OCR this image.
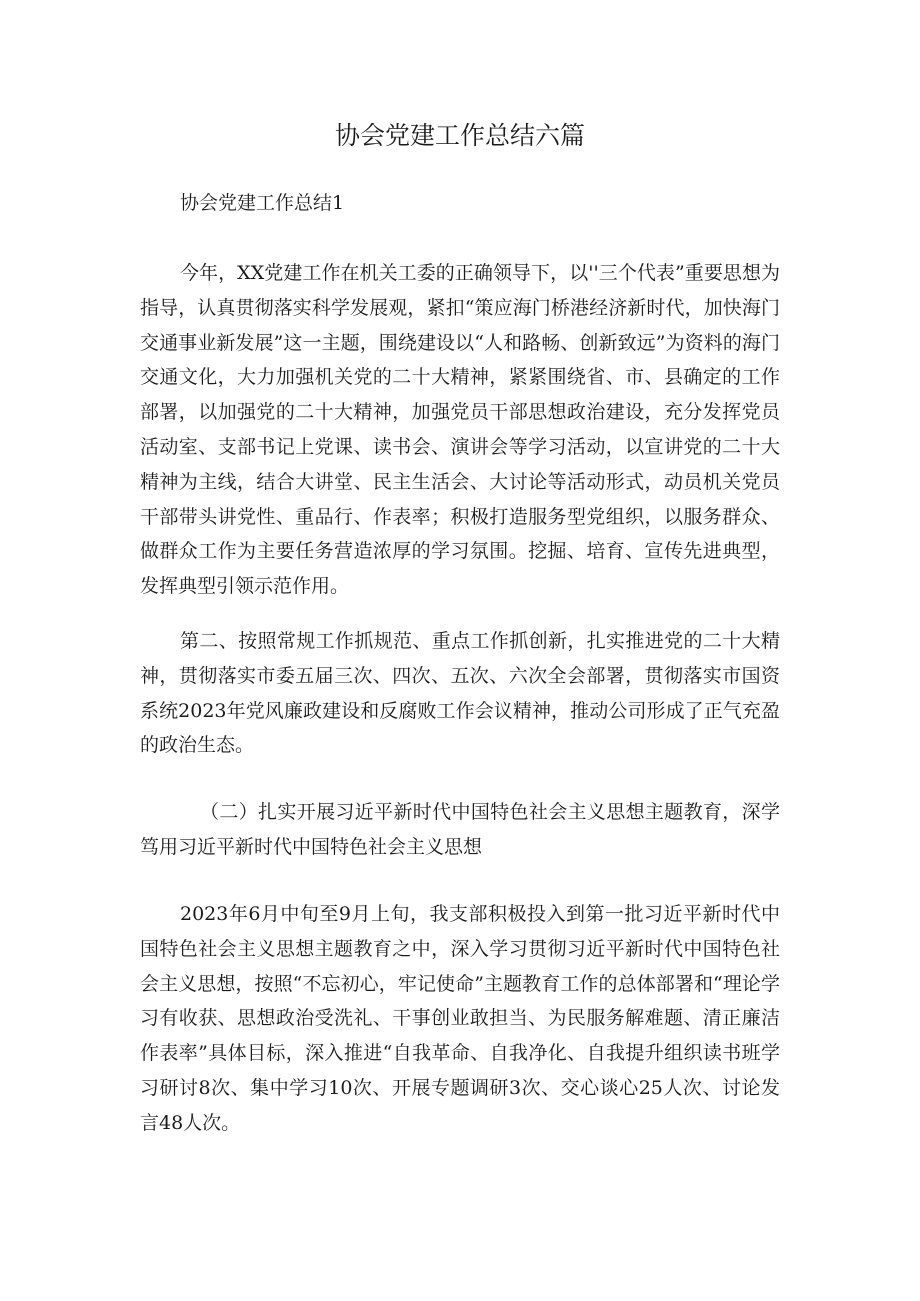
协会党建工作总结六篇

协会党建工作总结1

今年，XX党建工作在机关工委的正确领导下，以''三个代表”重要思想为指导，认真贯彻落实科学发展观，紧扣“策应海门桥港经济新时代，加快海门交通事业新发展”这一主题，围绕建设以“人和路畅、创新致远”为资料的海门交通文化，大力加强机关党的二十大精神，紧紧围绕省、市、县确定的工作部署，以加强党的二十大精神，加强党员干部思想政治建设，充分发挥党员活动室、支部书记上党课、读书会、演讲会等学习活动，以宣讲党的二十大精神为主线，结合大讲堂、民主生活会、大讨论等活动形式，动员机关党员干部带头讲党性、重品行、作表率；积极打造服务型党组织，以服务群众、做群众工作为主要任务营造浓厚的学习氛围。挖掘、培育、宣传先进典型，发挥典型引领示范作用。

第二、按照常规工作抓规范、重点工作抓创新，扎实推进党的二十大精神，贯彻落实市委五届三次、四次、五次、六次全会部署，贯彻落实市国资系统2023年党风廉政建设和反腐败工作会议精神，推动公司形成了正气充盈的政治生态。

（二）扎实开展习近平新时代中国特色社会主义思想主题教育，深学笃用习近平新时代中国特色社会主义思想

2023年6月中旬至9月上旬，我支部积极投入到第一批习近平新时代中国特色社会主义思想主题教育之中，深入学习贯彻习近平新时代中国特色社会主义思想，按照“不忘初心，牢记使命”主题教育工作的总体部署和“理论学习有收获、思想政治受洗礼、干事创业敢担当、为民服务解难题、清正廉洁作表率”具体目标，深入推进“自我革命、自我净化、自我提升组织读书班学习研讨8次、集中学习10次、开展专题调研3次、交心谈心25人次、讨论发言48人次。
